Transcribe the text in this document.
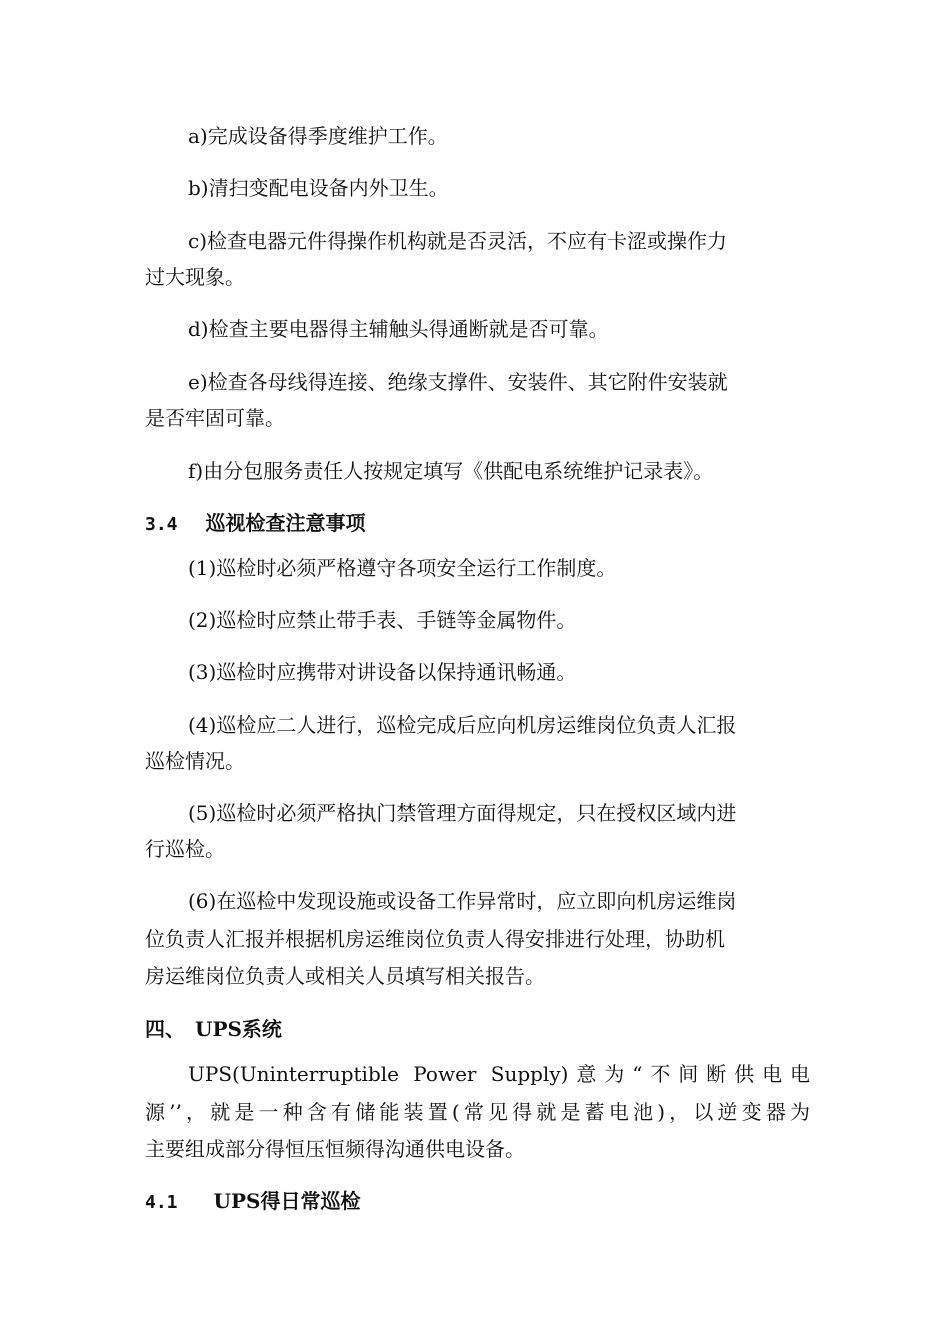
a)完成设备得季度维护工作。
b)清扫变配电设备内外卫生。
c)检查电器元件得操作机构就是否灵活，不应有卡涩或操作力
过大现象。
d)检查主要电器得主辅触头得通断就是否可靠。
e)检查各母线得连接、绝缘支撑件、安装件、其它附件安装就
是否牢固可靠。
f)由分包服务责任人按规定填写《供配电系统维护记录表》。
3.4 巡视检查注意事项
(1)巡检时必须严格遵守各项安全运行工作制度。
(2)巡检时应禁止带手表、手链等金属物件。
(3)巡检时应携带对讲设备以保持通讯畅通。
(4)巡检应二人进行，巡检完成后应向机房运维岗位负责人汇报
巡检情况。
(5)巡检时必须严格执门禁管理方面得规定，只在授权区域内进
行巡检。
(6)在巡检中发现设施或设备工作异常时，应立即向机房运维岗
位负责人汇报并根据机房运维岗位负责人得安排进行处理，协助机
房运维岗位负责人或相关人员填写相关报告。
四、 UPS系统
UPS(Uninterruptible Power Supply)意为“不间断供电电
源’’，就是一种含有储能装置(常见得就是蓄电池)，以逆变器为
主要组成部分得恒压恒频得沟通供电设备。
4.1 UPS得日常巡检
